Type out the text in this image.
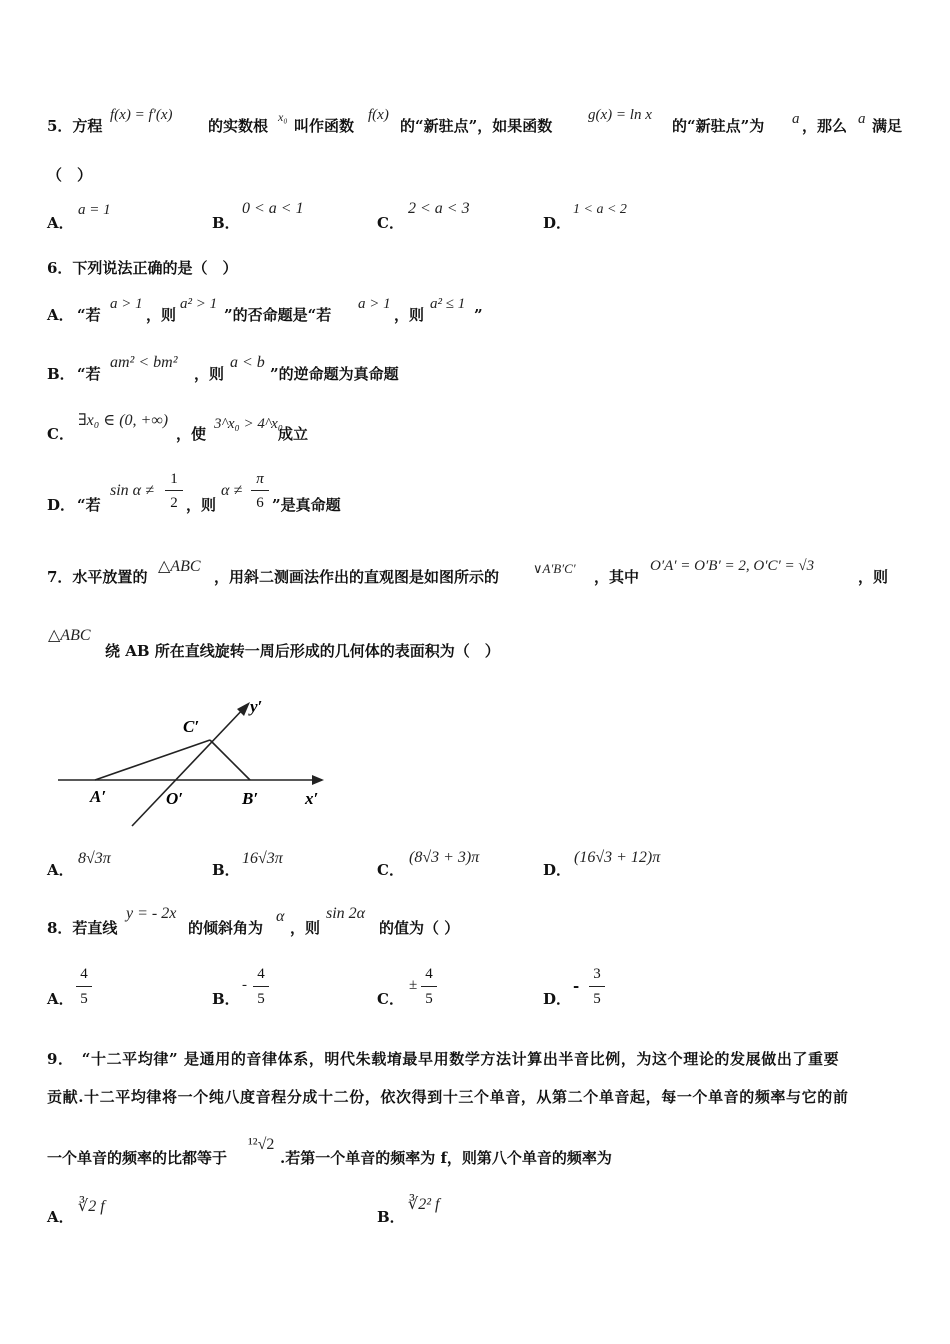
5．方程
f(x) = f′(x)
的实数根 x₀ 叫作函数
f(x)
的“新驻点”，如果函数
g(x) = ln x
的“新驻点”为 a ，那么 a 满足
（　）
A．
a = 1
B．
0 < a < 1
C．
2 < a < 3
D．
1 < a < 2
6．下列说法正确的是（　）
A． “若
a > 1
，则
a² > 1
”的否命题是“若
a > 1
，则
a² ≤ 1
”
B． “若
am² < bm²
，则
a < b
”的逆命题为真命题
C．
∃x₀ ∈ (0, +∞)
，使
3^x₀ > 4^x₀
成立
D． “若
sin α ≠
1
2 ，则
α ≠
π
6 ”是真命题
7．水平放置的
△ABC
，用斜二测画法作出的直观图是如图所示的	∨A′B′C′ ，其中
O′A′ = O′B′ = 2, O′C′ = √3
，则
△ABC
绕 AB 所在直线旋转一周后形成的几何体的表面积为（　）
y′
C′
A′	O′	B′	x′
A．
8√3π
B．
16√3π
C．
(8√3 + 3)π
D．
(16√3 + 12)π
8．若直线
y = - 2x
的倾斜角为
α
，则
sin 2α
的值为（ ）
A．
4
5	B．
-
4
5	C．
±
4
5	D．
-
3
5
9．　“十二平均律” 是通用的音律体系，明代朱载堉最早用数学方法计算出半音比例，为这个理论的发展做出了重要
贡献.十二平均律将一个纯八度音程分成十二份，依次得到十三个单音，从第二个单音起，每一个单音的频率与它的前
一个单音的频率的比都等于
¹²√2
.若第一个单音的频率为 f，则第八个单音的频率为
A．
∛2 f
B．
∛2² f
